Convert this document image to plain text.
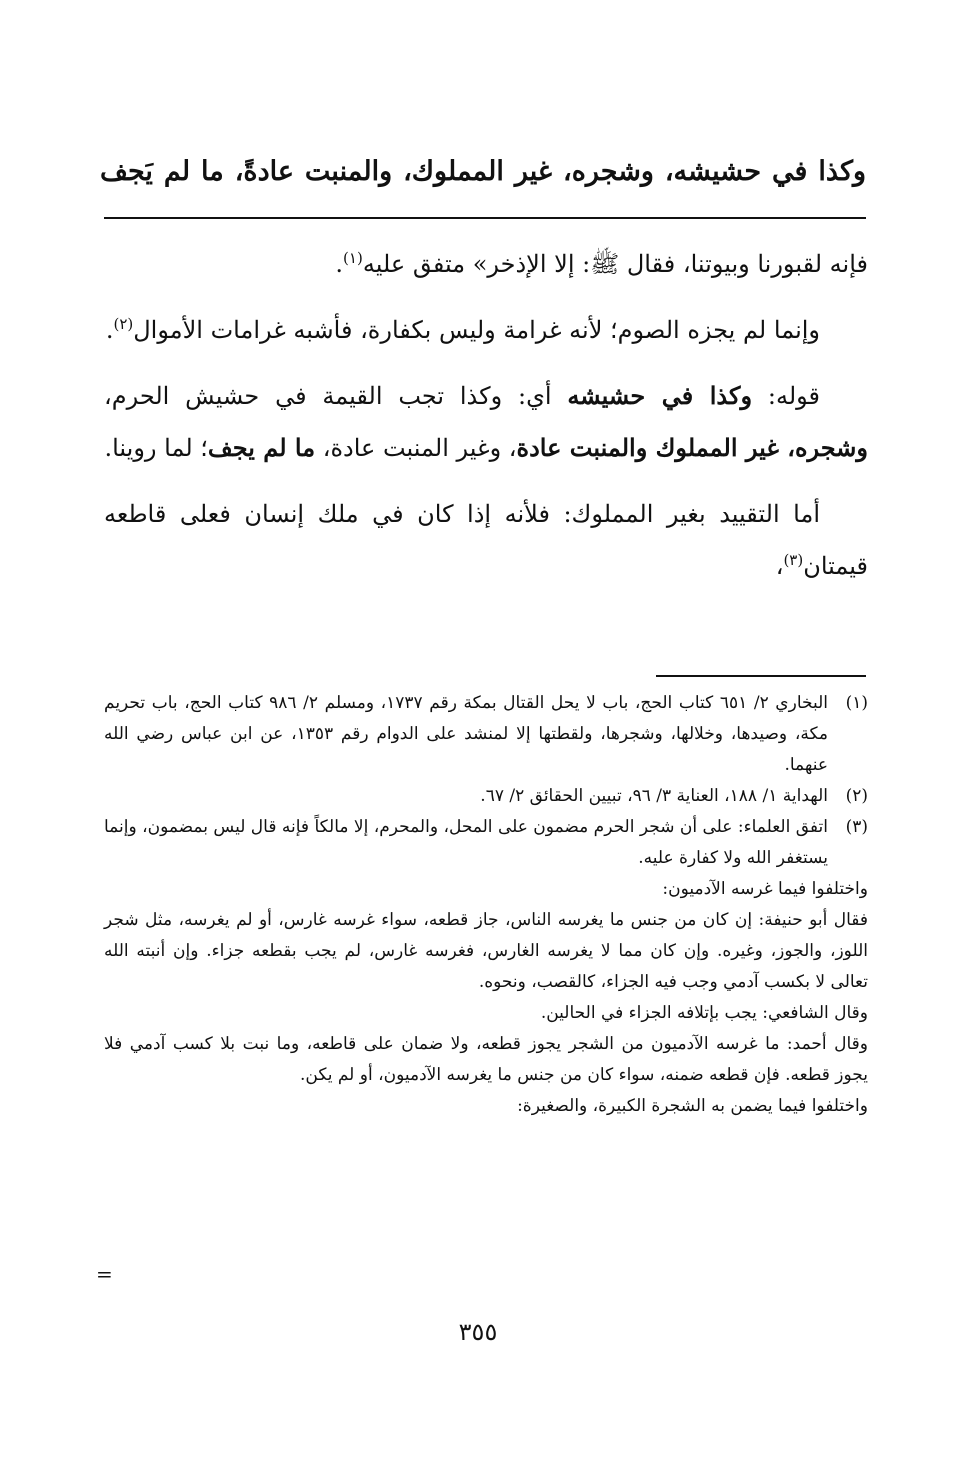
وكذا في حشيشه، وشجره، غير المملوك، والمنبت عادةً، ما لم يَجف

فإنه لقبورنا وبيوتنا، فقال ﷺ: إلا الإذخر» متفق عليه$^{(١)}$.

وإنما لم يجزه الصوم؛ لأنه غرامة وليس بكفارة، فأشبه غرامات الأموال$^{(٢)}$.

قوله: وكذا في حشيشه أي: وكذا تجب القيمة في حشيش الحرم، وشجره، غير المملوك والمنبت عادة، وغير المنبت عادة، ما لم يجف؛ لما روينا.

أما التقييد بغير المملوك: فلأنه إذا كان في ملك إنسان فعلى قاطعه قيمتان$^{(٣)}$،

(١)
البخاري ٢/ ٦٥١ كتاب الحج، باب لا يحل القتال بمكة رقم ١٧٣٧، ومسلم ٢/ ٩٨٦ كتاب الحج، باب تحريم مكة، وصيدها، وخلالها، وشجرها، ولقطتها إلا لمنشد على الدوام رقم ١٣٥٣، عن ابن عباس رضي الله عنهما.
(٢)
الهداية ١/ ١٨٨، العناية ٣/ ٩٦، تبيين الحقائق ٢/ ٦٧.
(٣)
اتفق العلماء: على أن شجر الحرم مضمون على المحل، والمحرم، إلا مالكاً فإنه قال ليس بمضمون، وإنما يستغفر الله ولا كفارة عليه.
واختلفوا فيما غرسه الآدميون:
فقال أبو حنيفة: إن كان من جنس ما يغرسه الناس، جاز قطعه، سواء غرسه غارس، أو لم يغرسه، مثل شجر اللوز، والجوز، وغيره. وإن كان مما لا يغرسه الغارس، فغرسه غارس، لم يجب بقطعه جزاء. وإن أنبته الله تعالى لا بكسب آدمي وجب فيه الجزاء، كالقصب، ونحوه.
وقال الشافعي: يجب بإتلافه الجزاء في الحالين.
وقال أحمد: ما غرسه الآدميون من الشجر يجوز قطعه، ولا ضمان على قاطعه، وما نبت بلا كسب آدمي فلا يجوز قطعه. فإن قطعه ضمنه، سواء كان من جنس ما يغرسه الآدميون، أو لم يكن.
واختلفوا فيما يضمن به الشجرة الكبيرة، والصغيرة:
=
٣٥٥
